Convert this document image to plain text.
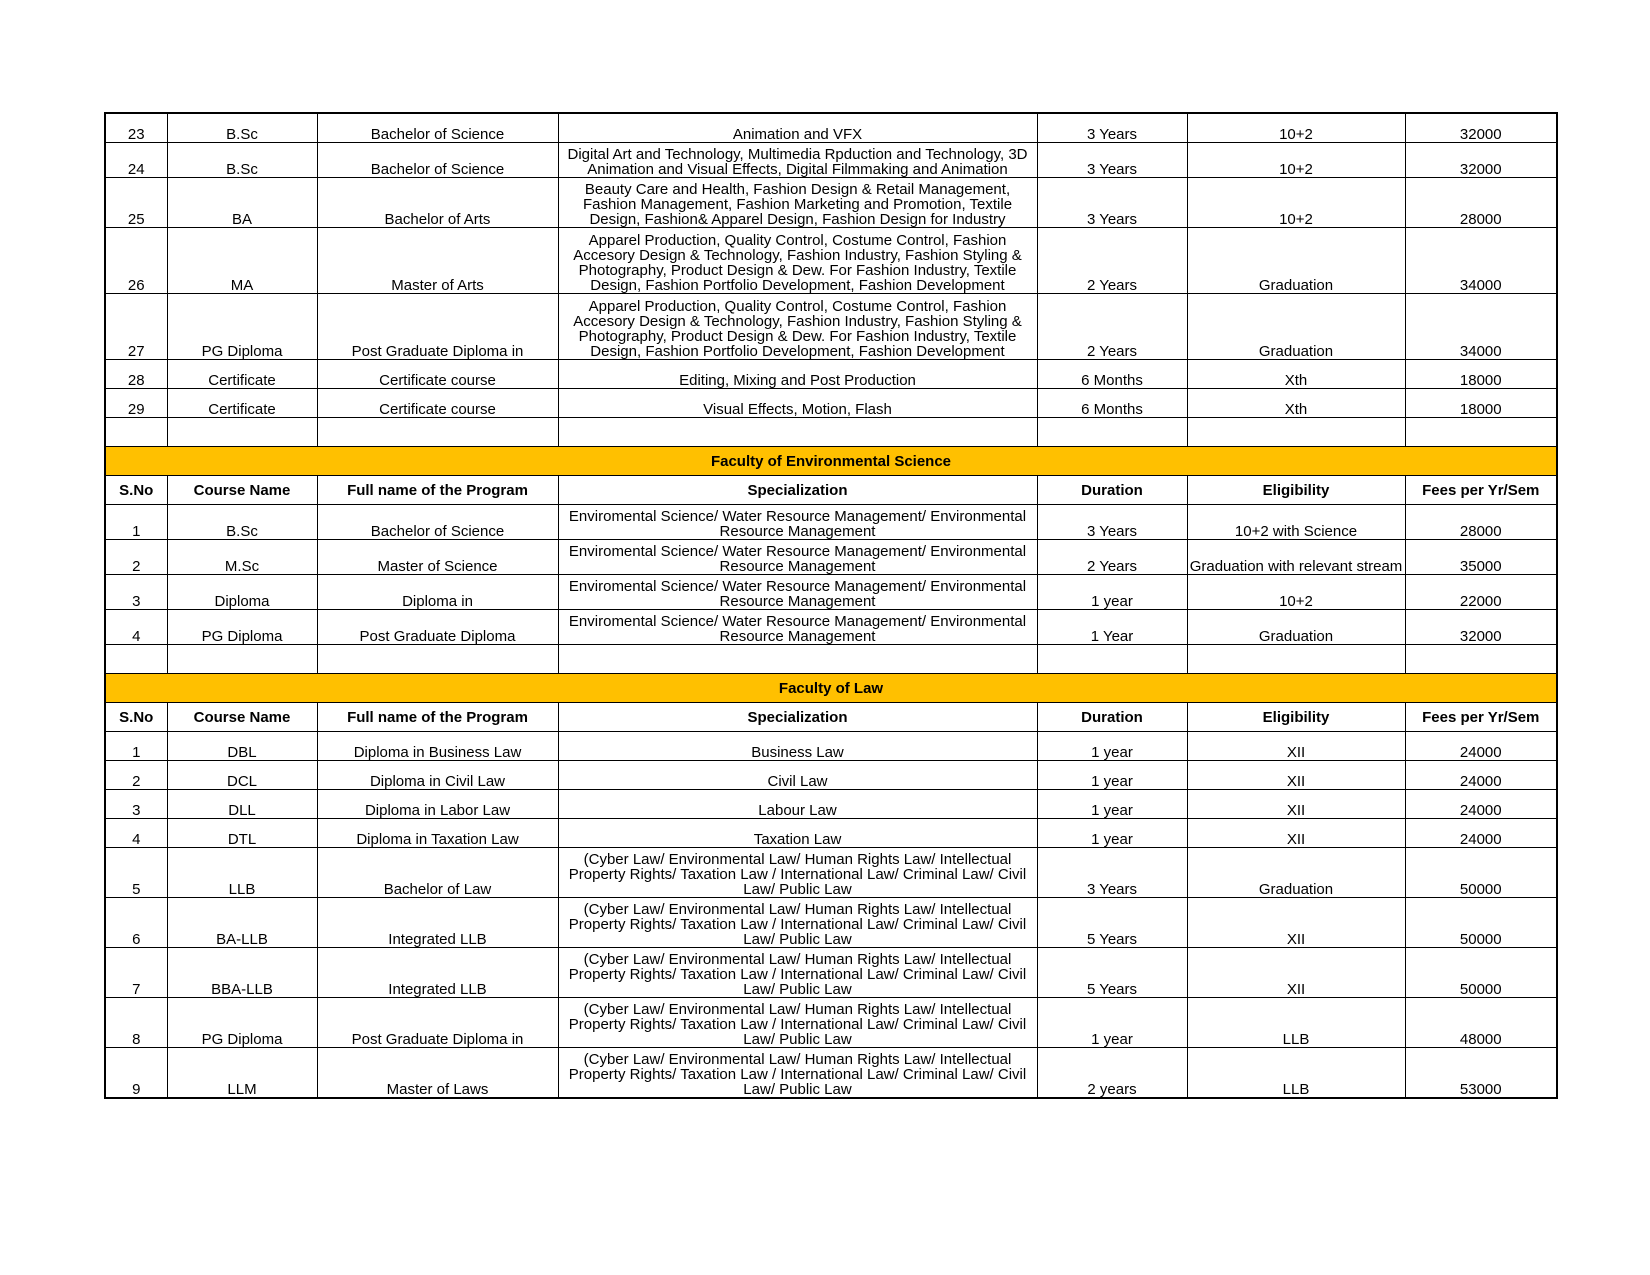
23	B.Sc	Bachelor of Science	Animation and VFX	3 Years	10+2	32000
24	B.Sc	Bachelor of Science	Digital Art and Technology, Multimedia Rpduction and Technology, 3D Animation and Visual Effects, Digital Filmmaking and Animation	3 Years	10+2	32000
25	BA	Bachelor of Arts	Beauty Care and Health, Fashion Design & Retail Management, Fashion Management, Fashion Marketing and Promotion, Textile Design, Fashion& Apparel Design, Fashion Design for Industry	3 Years	10+2	28000
26	MA	Master of Arts	Apparel Production, Quality Control, Costume Control, Fashion Accesory Design & Technology, Fashion Industry, Fashion Styling & Photography, Product Design & Dew. For Fashion Industry, Textile Design, Fashion Portfolio Development, Fashion Development	2 Years	Graduation	34000
27	PG Diploma	Post Graduate Diploma in	Apparel Production, Quality Control, Costume Control, Fashion Accesory Design & Technology, Fashion Industry, Fashion Styling & Photography, Product Design & Dew. For Fashion Industry, Textile Design, Fashion Portfolio Development, Fashion Development	2 Years	Graduation	34000
28	Certificate	Certificate course	Editing, Mixing and Post Production	6 Months	Xth	18000
29	Certificate	Certificate course	Visual Effects, Motion, Flash	6 Months	Xth	18000

Faculty of Environmental Science						
S.No	Course Name	Full name of the Program	Specialization	Duration	Eligibility	Fees per Yr/Sem
1	B.Sc	Bachelor of Science	Enviromental Science/ Water Resource Management/ Environmental Resource Management	3 Years	10+2 with Science	28000
2	M.Sc	Master of Science	Enviromental Science/ Water Resource Management/ Environmental Resource Management	2 Years	Graduation with relevant stream	35000
3	Diploma	Diploma in	Enviromental Science/ Water Resource Management/ Environmental Resource Management	1 year	10+2	22000
4	PG Diploma	Post Graduate Diploma	Enviromental Science/ Water Resource Management/ Environmental Resource Management	1 Year	Graduation	32000

Faculty of Law						
S.No	Course Name	Full name of the Program	Specialization	Duration	Eligibility	Fees per Yr/Sem
1	DBL	Diploma in Business Law	Business Law	1 year	XII	24000
2	DCL	Diploma in Civil Law	Civil Law	1 year	XII	24000
3	DLL	Diploma in Labor Law	Labour Law	1 year	XII	24000
4	DTL	Diploma in Taxation Law	Taxation Law	1 year	XII	24000
5	LLB	Bachelor of Law	(Cyber Law/ Environmental Law/ Human Rights Law/ Intellectual Property Rights/ Taxation Law / International Law/ Criminal Law/ Civil Law/ Public Law	3 Years	Graduation	50000
6	BA-LLB	Integrated LLB	(Cyber Law/ Environmental Law/ Human Rights Law/ Intellectual Property Rights/ Taxation Law / International Law/ Criminal Law/ Civil Law/ Public Law	5 Years	XII	50000
7	BBA-LLB	Integrated LLB	(Cyber Law/ Environmental Law/ Human Rights Law/ Intellectual Property Rights/ Taxation Law / International Law/ Criminal Law/ Civil Law/ Public Law	5 Years	XII	50000
8	PG Diploma	Post Graduate Diploma in	(Cyber Law/ Environmental Law/ Human Rights Law/ Intellectual Property Rights/ Taxation Law / International Law/ Criminal Law/ Civil Law/ Public Law	1 year	LLB	48000
9	LLM	Master of Laws	(Cyber Law/ Environmental Law/ Human Rights Law/ Intellectual Property Rights/ Taxation Law / International Law/ Criminal Law/ Civil Law/ Public Law	2 years	LLB	53000
